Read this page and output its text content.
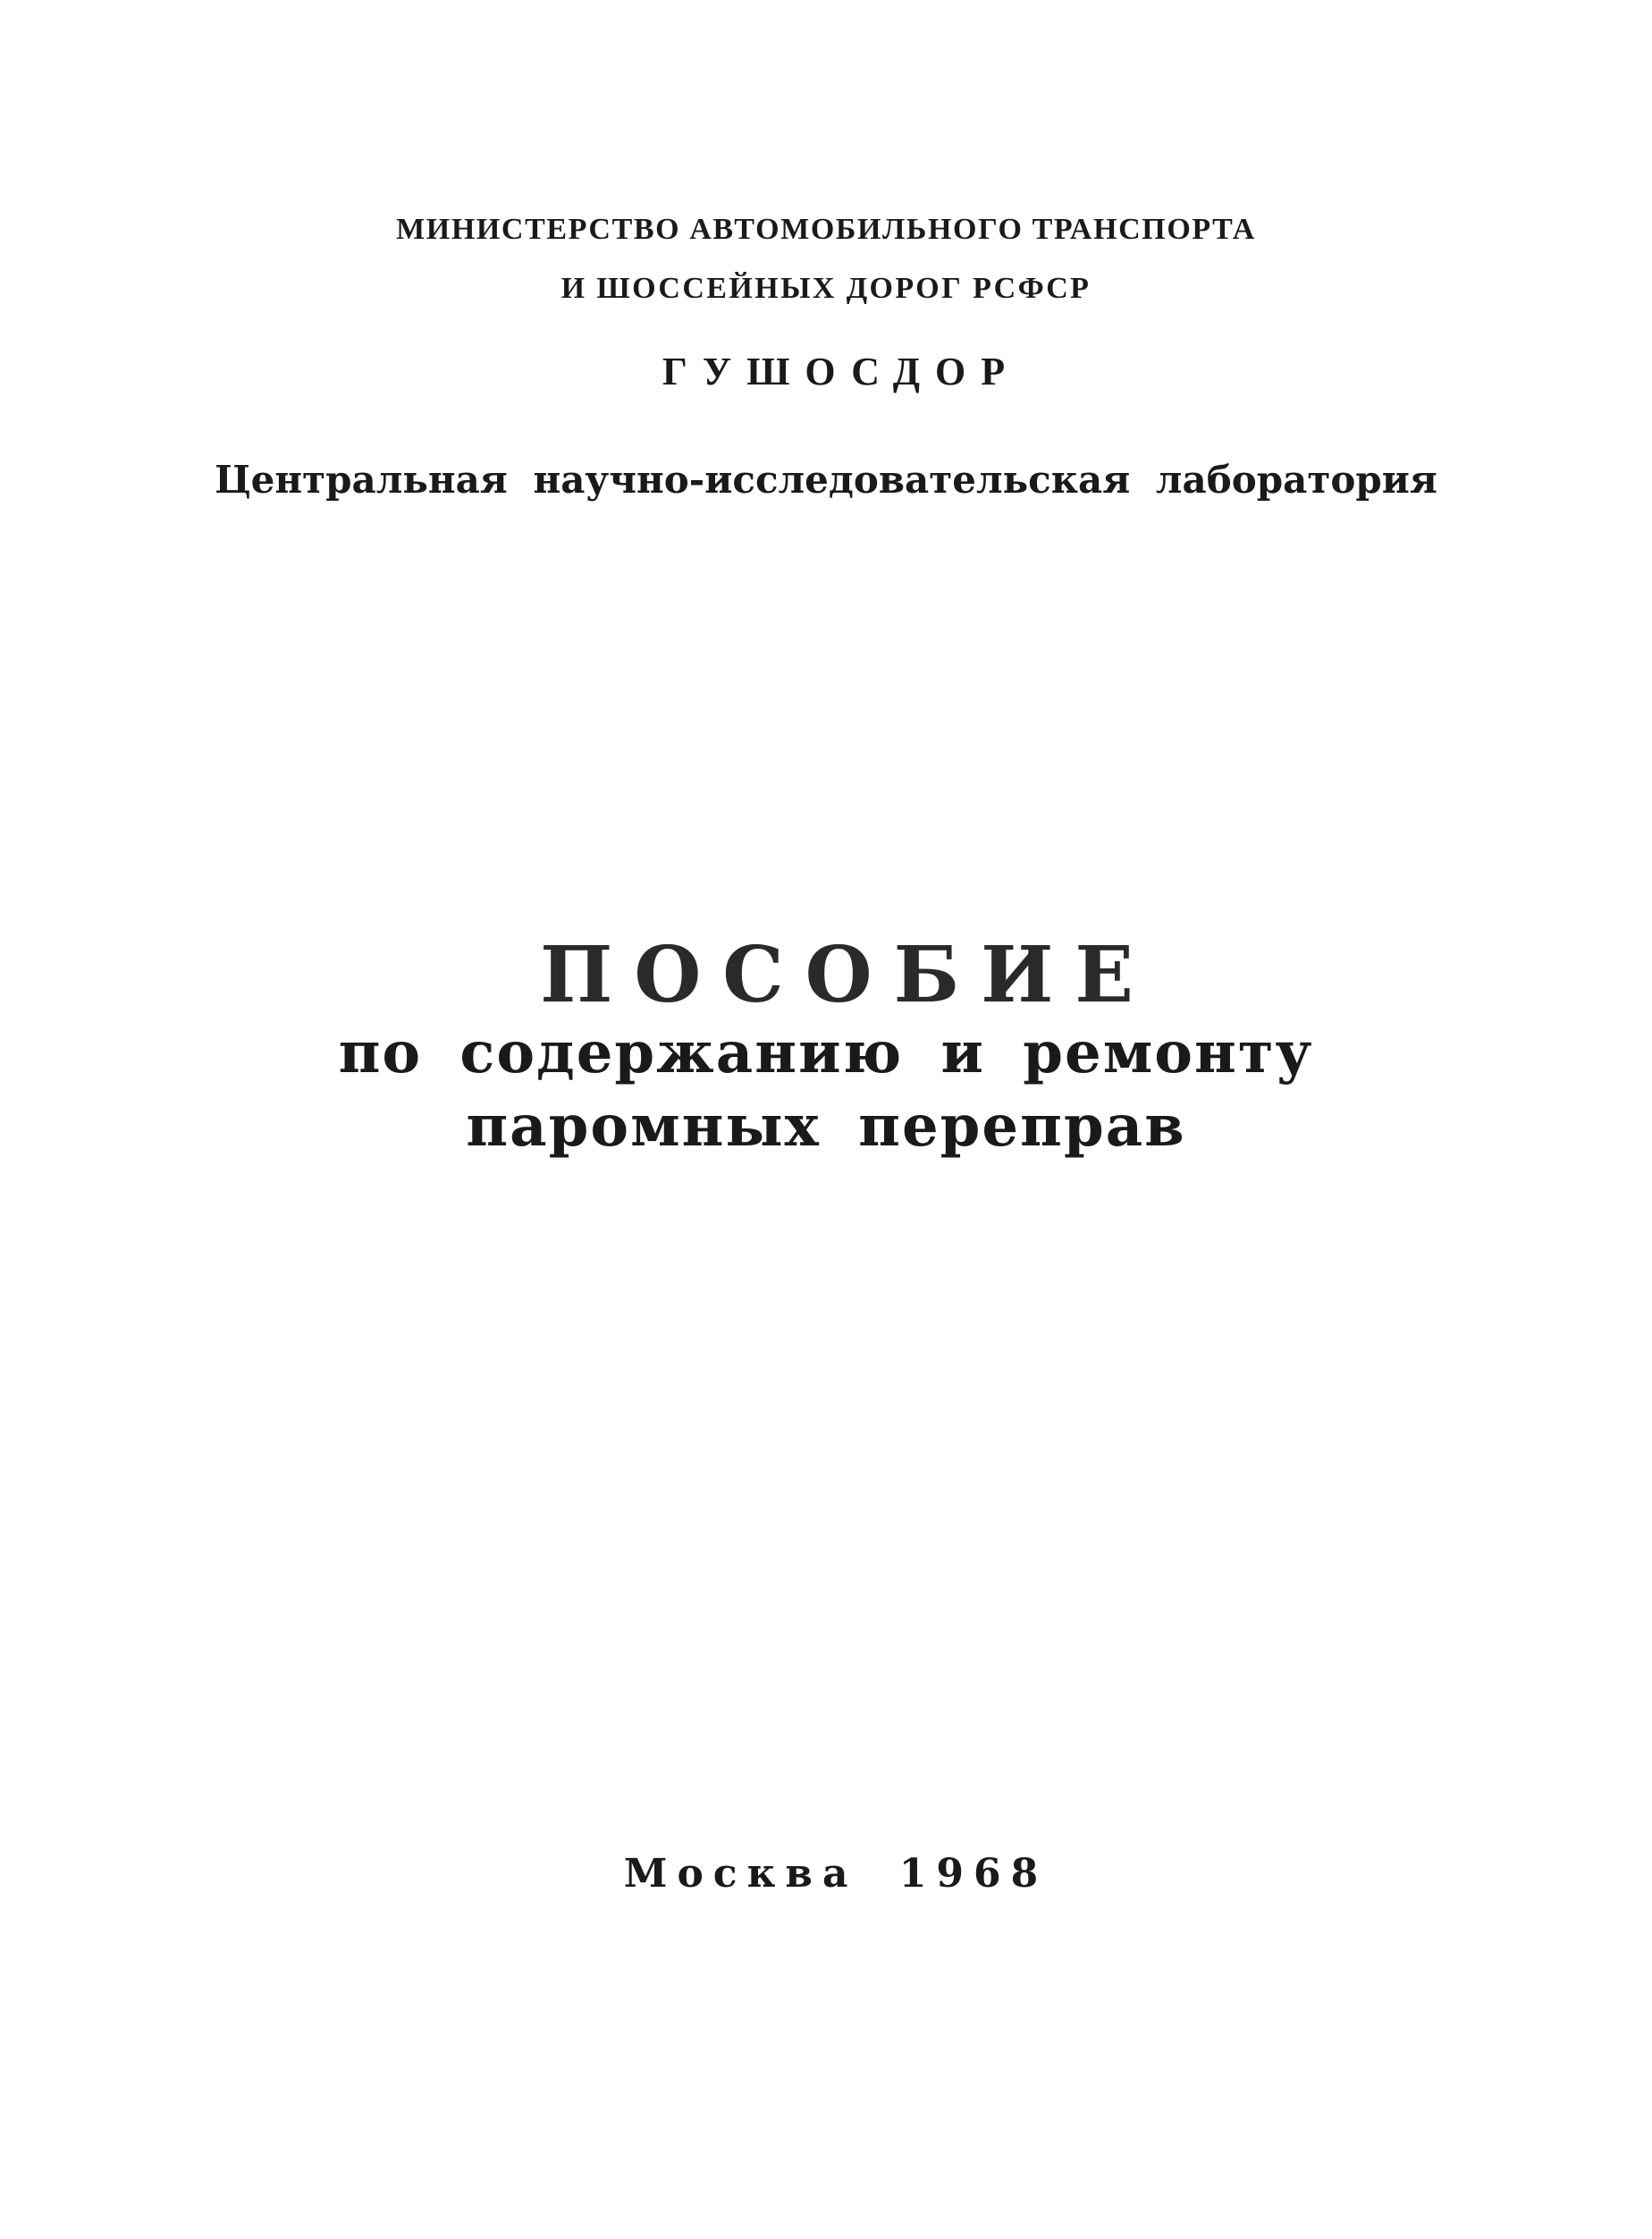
МИНИСТЕРСТВО АВТОМОБИЛЬНОГО ТРАНСПОРТА
И ШОССЕЙНЫХ ДОРОГ РСФСР
ГУШОСДОР
Центральная научно-исследовательская лаборатория
ПОСОБИЕ
по содержанию и ремонту
паромных переправ
Москва 1968
